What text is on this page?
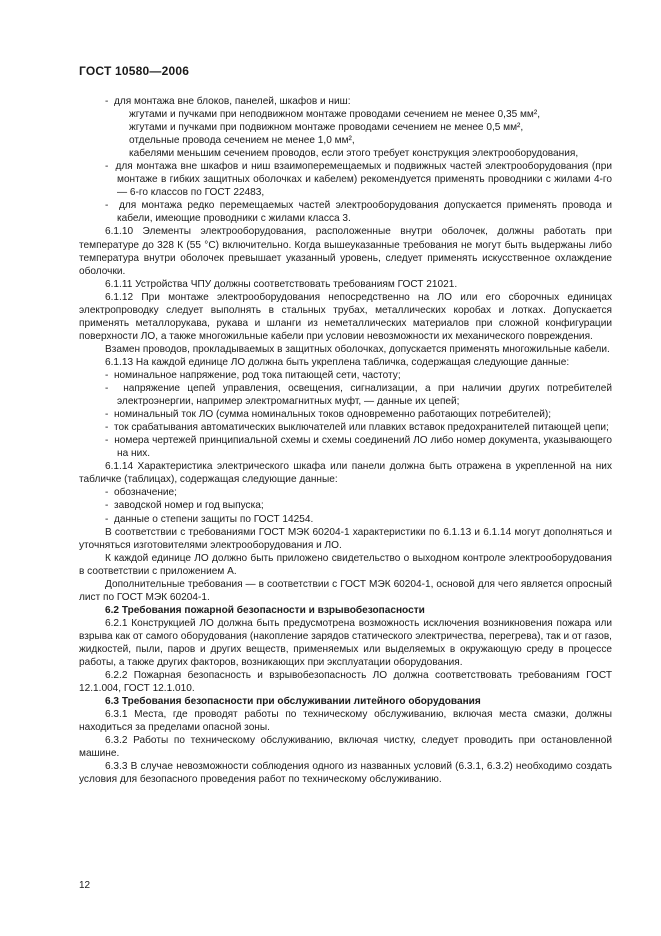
ГОСТ 10580—2006

-  для монтажа вне блоков, панелей, шкафов и ниш:

жгутами и пучками при неподвижном монтаже проводами сечением не менее 0,35 мм²,

жгутами и пучками при подвижном монтаже проводами сечением не менее 0,5 мм²,

отдельные провода сечением не менее 1,0 мм²,

кабелями меньшим сечением проводов, если этого требует конструкция электрооборудования,

-  для монтажа вне шкафов и ниш взаимоперемещаемых и подвижных частей электрооборудования (при монтаже в гибких защитных оболочках и кабелем) рекомендуется применять проводники с жилами 4-го — 6-го классов по ГОСТ 22483,

-  для монтажа редко перемещаемых частей электрооборудования допускается применять провода и кабели, имеющие проводники с жилами класса 3.

6.1.10 Элементы электрооборудования, расположенные внутри оболочек, должны работать при температуре до 328 К (55 °С) включительно. Когда вышеуказанные требования не могут быть выдержаны либо температура внутри оболочек превышает указанный уровень, следует применять искусственное охлаждение оболочки.

6.1.11 Устройства ЧПУ должны соответствовать требованиям ГОСТ 21021.

6.1.12 При монтаже электрооборудования непосредственно на ЛО или его сборочных единицах электропроводку следует выполнять в стальных трубах, металлических коробах и лотках. Допускается применять металлорукава, рукава и шланги из неметаллических материалов при сложной конфигурации поверхности ЛО, а также многожильные кабели при условии невозможности их механического повреждения.

Взамен проводов, прокладываемых в защитных оболочках, допускается применять многожильные кабели.

6.1.13 На каждой единице ЛО должна быть укреплена табличка, содержащая следующие данные:

-  номинальное напряжение, род тока питающей сети, частоту;

-  напряжение цепей управления, освещения, сигнализации, а при наличии других потребителей электроэнергии, например электромагнитных муфт, — данные их цепей;

-  номинальный ток ЛО (сумма номинальных токов одновременно работающих потребителей);

-  ток срабатывания автоматических выключателей или плавких вставок предохранителей питающей цепи;

-  номера чертежей принципиальной схемы и схемы соединений ЛО либо номер документа, указывающего на них.

6.1.14 Характеристика электрического шкафа или панели должна быть отражена в укрепленной на них табличке (таблицах), содержащая следующие данные:

-  обозначение;

-  заводской номер и год выпуска;

-  данные о степени защиты по ГОСТ 14254.

В соответствии с требованиями ГОСТ МЭК 60204-1 характеристики по 6.1.13 и 6.1.14 могут дополняться и уточняться изготовителями электрооборудования и ЛО.

К каждой единице ЛО должно быть приложено свидетельство о выходном контроле электрооборудования в соответствии с приложением А.

Дополнительные требования — в соответствии с ГОСТ МЭК 60204-1, основой для чего является опросный лист по ГОСТ МЭК 60204-1.

6.2 Требования пожарной безопасности и взрывобезопасности

6.2.1 Конструкцией ЛО должна быть предусмотрена возможность исключения возникновения пожара или взрыва как от самого оборудования (накопление зарядов статического электричества, перегрева), так и от газов, жидкостей, пыли, паров и других веществ, применяемых или выделяемых в окружающую среду в процессе работы, а также других факторов, возникающих при эксплуатации оборудования.

6.2.2 Пожарная безопасность и взрывобезопасность ЛО должна соответствовать требованиям ГОСТ 12.1.004, ГОСТ 12.1.010.

6.3 Требования безопасности при обслуживании литейного оборудования

6.3.1 Места, где проводят работы по техническому обслуживанию, включая места смазки, должны находиться за пределами опасной зоны.

6.3.2 Работы по техническому обслуживанию, включая чистку, следует проводить при остановленной машине.

6.3.3 В случае невозможности соблюдения одного из названных условий (6.3.1, 6.3.2) необходимо создать условия для безопасного проведения работ по техническому обслуживанию.

12
